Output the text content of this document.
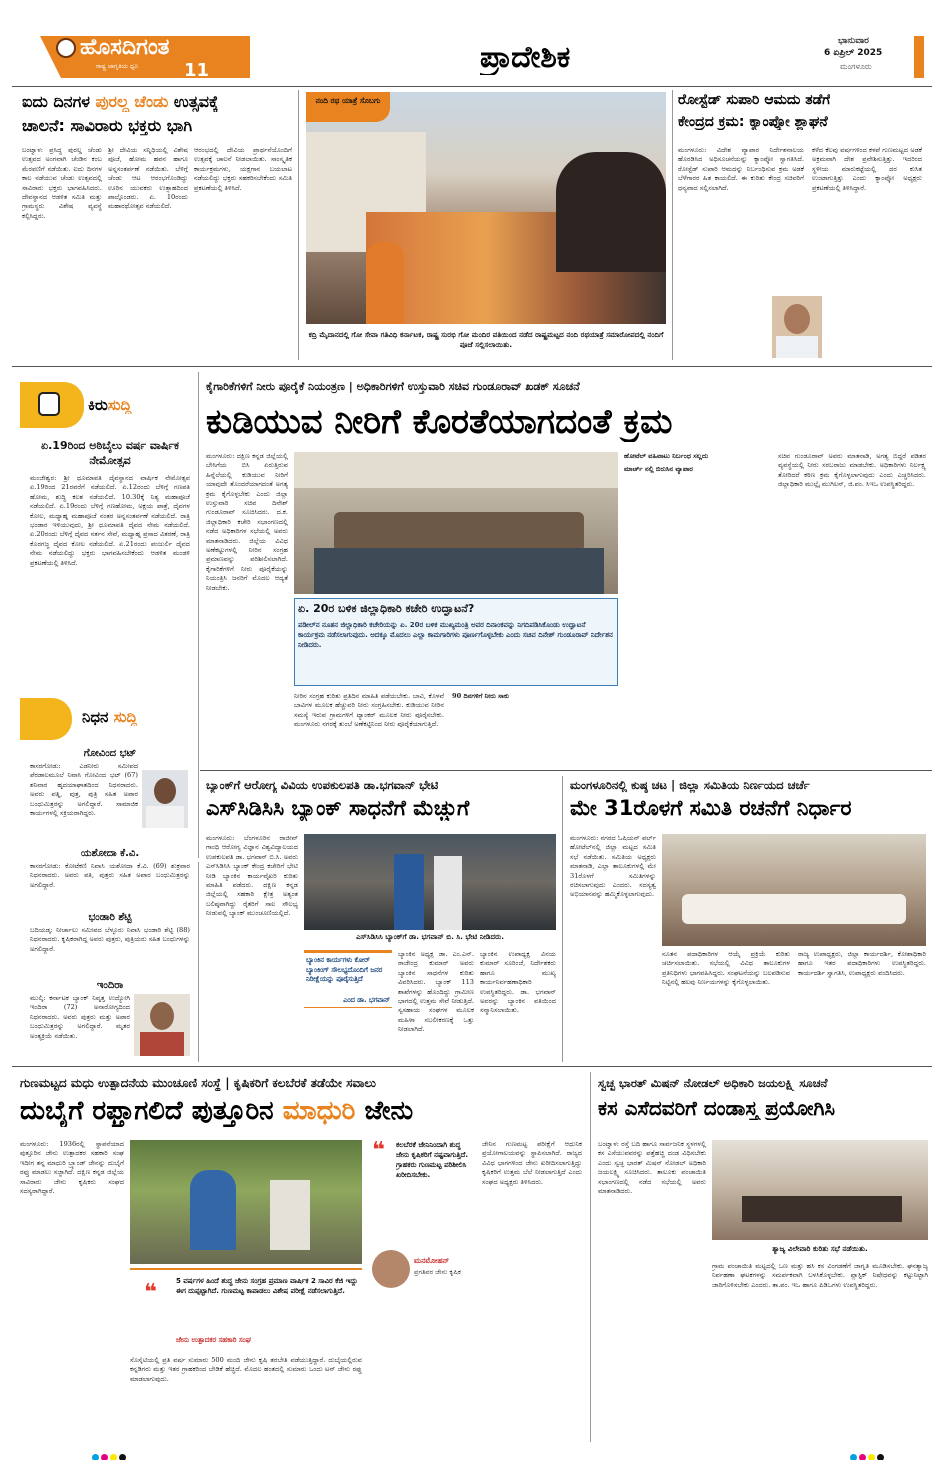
ಹೊಸದಿಗಂತ
ರಾಷ್ಟ್ರ ಜಾಗೃತಿಯ ಧ್ವನಿ	11	ಪ್ರಾದೇಶಿಕ	ಭಾನುವಾರ
6 ಏಪ್ರಿಲ್ 2025
ಮಂಗಳೂರು
ಐದು ದಿನಗಳ ಪುರಲ್ದ ಚೆಂಡು ಉತ್ಸವಕ್ಕೆ
ಚಾಲನೆ: ಸಾವಿರಾರು ಭಕ್ತರು ಭಾಗಿ
ಬಂಟ್ವಾಳ: ಪ್ರಸಿದ್ಧ ಪುರಲ್ದ ಚೆಂಡು ಉತ್ಸವದ ಅಂಗವಾಗಿ ಚೆಂಡಿನ ಕಂಬ ಮೆರವಣಿಗೆ ನಡೆಯಿತು. ಐದು ದಿನಗಳ ಕಾಲ ನಡೆಯುವ ಚೆಂಡು ಉತ್ಸವದಲ್ಲಿ ಸಾವಿರಾರು ಭಕ್ತರು ಭಾಗವಹಿಸಿದರು. ದೇವಸ್ಥಾನದ ಆಡಳಿತ ಸಮಿತಿ ಮತ್ತು ಗ್ರಾಮಸ್ಥರು ವಿಶೇಷ ವ್ಯವಸ್ಥೆ ಕಲ್ಪಿಸಿದ್ದರು.
ಶ್ರೀ ದೇವಿಯ ಸನ್ನಿಧಿಯಲ್ಲಿ ವಿಶೇಷ ಪೂಜೆ, ಹೋಮ ಹವನ ಹಾಗೂ ಅನ್ನಸಂತರ್ಪಣೆ ನಡೆಯಿತು. ಬೆಳಿಗ್ಗೆ ಚೆಂಡು ಆಟ ಆರಂಭಗೊಂಡಿದ್ದು ಊರಿನ ಯುವಕರು ಉತ್ಸಾಹದಿಂದ ಪಾಲ್ಗೊಂಡರು. ಏ. 10ರಂದು ಮಹಾರಥೋತ್ಸವ ನಡೆಯಲಿದೆ.
ಆರಂಭದಲ್ಲಿ ದೇವಿಯ ಪ್ರಾರ್ಥನೆಯೊಂದಿಗೆ ಉತ್ಸವಕ್ಕೆ ಚಾಲನೆ ನೀಡಲಾಯಿತು. ಸಾಂಸ್ಕೃತಿಕ ಕಾರ್ಯಕ್ರಮಗಳು, ಯಕ್ಷಗಾನ ಬಯಲಾಟ ನಡೆಯಲಿದ್ದು ಭಕ್ತರು ಸಹಕರಿಸಬೇಕೆಂದು ಸಮಿತಿ ಪ್ರಕಟಣೆಯಲ್ಲಿ ತಿಳಿಸಿದೆ.
ನಂದಿ ರಥ ಯಾತ್ರೆ ಸೊಬಗು
ಕದ್ರಿ ಮೈದಾನದಲ್ಲಿ ಗೋ ಸೇವಾ ಗತಿವಿಧಿ ಕರ್ನಾಟಕ, ರಾಷ್ಟ್ರ ಸುರಭಿ ಗೋ ಮಂದಿರ ವತಿಯಿಂದ ನಡೆದ ರಾಷ್ಟ್ರಮಟ್ಟದ ನಂದಿ ರಥಯಾತ್ರೆ ಸಮಾರೋಪದಲ್ಲಿ ನಂದಿಗೆ ಪೂಜೆ ಸಲ್ಲಿಸಲಾಯಿತು.
ರೋಸ್ಟೆಡ್ ಸುಪಾರಿ ಆಮದು ತಡೆಗೆ
ಕೇಂದ್ರದ ಕ್ರಮ: ಕ್ಯಾಂಪ್ಕೋ ಶ್ಲಾಘನೆ
ಮಂಗಳೂರು: ವಿದೇಶ ವ್ಯಾಪಾರ ನಿರ್ದೇಶನಾಲಯ ಹೊರಡಿಸಿದ ಅಧಿಸೂಚನೆಯನ್ನು ಕ್ಯಾಂಪ್ಕೋ ಸ್ವಾಗತಿಸಿದೆ. ರೋಸ್ಟೆಡ್ ಸುಪಾರಿ ಆಮದನ್ನು ನಿರ್ಬಂಧಿಸುವ ಕ್ರಮ ಅಡಕೆ ಬೆಳೆಗಾರರ ಹಿತ ಕಾಯಲಿದೆ. ಈ ಕುರಿತು ಕೇಂದ್ರ ಸಚಿವರಿಗೆ ಧನ್ಯವಾದ ಸಲ್ಲಿಸಲಾಗಿದೆ.
ಕಳೆದ ಕೆಲವು ವರ್ಷಗಳಿಂದ ಕಳಪೆ ಗುಣಮಟ್ಟದ ಅಡಕೆ ಅಕ್ರಮವಾಗಿ ದೇಶ ಪ್ರವೇಶಿಸುತ್ತಿತ್ತು. ಇದರಿಂದ ಸ್ಥಳೀಯ ಮಾರುಕಟ್ಟೆಯಲ್ಲಿ ದರ ಕುಸಿತ ಉಂಟಾಗುತ್ತಿತ್ತು ಎಂದು ಕ್ಯಾಂಪ್ಕೋ ಅಧ್ಯಕ್ಷರು ಪ್ರಕಟಣೆಯಲ್ಲಿ ತಿಳಿಸಿದ್ದಾರೆ.
ಕಿರುಸುದ್ದಿ
ಏ.19ರಿಂದ ಅಠಿಬೈಲು ವರ್ಷ ವಾರ್ಷಿಕ ನೇಮೋತ್ಸವ
ಮಂಜೇಶ್ವರ: ಶ್ರೀ ಧೂಮಾವತಿ ದೈವಸ್ಥಾನದ ವಾರ್ಷಿಕ ನೇಮೋತ್ಸವ ಏ.19ರಿಂದ 21ರವರೆಗೆ ನಡೆಯಲಿದೆ. ಏ.12ರಂದು ಬೆಳಿಗ್ಗೆ ಗಣಪತಿ ಹೋಮ, ಶುದ್ಧಿ ಕಲಶ ನಡೆಯಲಿದೆ. 10.30ಕ್ಕೆ ನಿತ್ಯ ಮಹಾಪೂಜೆ ನಡೆಯಲಿದೆ. ಏ.19ರಂದು ಬೆಳಿಗ್ಗೆ ಗಣಹೋಮ, ಅಕ್ಷಯ ಪಾತ್ರೆ, ದೈವಗಳ ಕೋಲ, ಮಧ್ಯಾಹ್ನ ಮಹಾಪೂಜೆ ನಂತರ ಅನ್ನಸಂತರ್ಪಣೆ ನಡೆಯಲಿದೆ. ರಾತ್ರಿ ಭಂಡಾರ ಇಳಿಯುವುದು, ಶ್ರೀ ಧೂಮಾವತಿ ದೈವದ ನೇಮ ನಡೆಯಲಿದೆ. ಏ.20ರಂದು ಬೆಳಿಗ್ಗೆ ದೈವದ ನರ್ತನ ಸೇವೆ, ಮಧ್ಯಾಹ್ನ ಪ್ರಸಾದ ವಿತರಣೆ, ರಾತ್ರಿ ಕೊರಗಜ್ಜ ದೈವದ ಕೋಲ ನಡೆಯಲಿದೆ. ಏ.21ರಂದು ಪಂಜುರ್ಲಿ ದೈವದ ನೇಮ ನಡೆಯಲಿದ್ದು ಭಕ್ತರು ಭಾಗವಹಿಸಬೇಕೆಂದು ಆಡಳಿತ ಮಂಡಳಿ ಪ್ರಕಟಣೆಯಲ್ಲಿ ತಿಳಿಸಿದೆ.
ನಿಧನ ಸುದ್ದಿ
ಗೋವಿಂದ ಭಟ್
ಕಾಸರಗೋಡು: ಎಡನೀರು ಸಮೀಪದ ಪೆರಡಾಲಮೂಲೆ ನಿವಾಸಿ ಗೋವಿಂದ ಭಟ್ (67) ಶನಿವಾರ ಹೃದಯಾಘಾತದಿಂದ ನಿಧನರಾದರು. ಅವರು ಪತ್ನಿ, ಪುತ್ರ, ಪುತ್ರಿ ಸಹಿತ ಅಪಾರ ಬಂಧುಮಿತ್ರರನ್ನು ಅಗಲಿದ್ದಾರೆ. ಸಾಮಾಜಿಕ ಕಾರ್ಯಗಳಲ್ಲಿ ಸಕ್ರಿಯರಾಗಿದ್ದರು.
ಯಶೋದಾ ಕೆ.ವಿ.
ಕಾಸರಗೋಡು: ಕೋಟೆಕಣಿ ನಿವಾಸಿ ಯಶೋದಾ ಕೆ.ವಿ. (69) ಶುಕ್ರವಾರ ನಿಧನರಾದರು. ಅವರು ಪತಿ, ಪುತ್ರರು ಸಹಿತ ಅಪಾರ ಬಂಧುಮಿತ್ರರನ್ನು ಅಗಲಿದ್ದಾರೆ.
ಭಂಡಾರಿ ಶೆಟ್ಟಿ
ಬದಿಯಡ್ಕ: ನೀರ್ಚಾಲು ಸಮೀಪದ ಬೆಳ್ಳೂರು ನಿವಾಸಿ ಭಂಡಾರಿ ಶೆಟ್ಟಿ (88) ನಿಧನರಾದರು. ಕೃಷಿಕರಾಗಿದ್ದ ಅವರು ಪುತ್ರರು, ಪುತ್ರಿಯರು ಸಹಿತ ಬಂಧುಗಳನ್ನು ಅಗಲಿದ್ದಾರೆ.
ಇಂದಿರಾ
ಮುಲ್ಕಿ: ಕರ್ನಾಟಕ ಬ್ಯಾಂಕ್ ನಿವೃತ್ತ ಉದ್ಯೋಗಿ ಇಂದಿರಾ (72) ಅನಾರೋಗ್ಯದಿಂದ ನಿಧನರಾದರು. ಅವರು ಪುತ್ರರು ಮತ್ತು ಅಪಾರ ಬಂಧುಮಿತ್ರರನ್ನು ಅಗಲಿದ್ದಾರೆ. ಮೃತರ ಅಂತ್ಯಕ್ರಿಯೆ ನಡೆಯಿತು.
ಕೈಗಾರಿಕೆಗಳಿಗೆ ನೀರು ಪೂರೈಕೆ ನಿಯಂತ್ರಣ | ಅಧಿಕಾರಿಗಳಿಗೆ ಉಸ್ತುವಾರಿ ಸಚಿವ ಗುಂಡೂರಾವ್ ಖಡಕ್ ಸೂಚನೆ
ಕುಡಿಯುವ ನೀರಿಗೆ ಕೊರತೆಯಾಗದಂತೆ ಕ್ರಮ
ಮಂಗಳೂರು: ದಕ್ಷಿಣ ಕನ್ನಡ ಜಿಲ್ಲೆಯಲ್ಲಿ ಬೇಸಿಗೆಯ ಬಿಸಿ ಏರುತ್ತಿರುವ ಹಿನ್ನೆಲೆಯಲ್ಲಿ ಕುಡಿಯುವ ನೀರಿಗೆ ಯಾವುದೇ ತೊಂದರೆಯಾಗದಂತೆ ಅಗತ್ಯ ಕ್ರಮ ಕೈಗೊಳ್ಳಬೇಕು ಎಂದು ಜಿಲ್ಲಾ ಉಸ್ತುವಾರಿ ಸಚಿವ ದಿನೇಶ್ ಗುಂಡೂರಾವ್ ಸೂಚಿಸಿದರು. ದ.ಕ. ಜಿಲ್ಲಾಧಿಕಾರಿ ಕಚೇರಿ ಸಭಾಂಗಣದಲ್ಲಿ ನಡೆದ ಅಧಿಕಾರಿಗಳ ಸಭೆಯಲ್ಲಿ ಅವರು ಮಾತನಾಡಿದರು. ಜಿಲ್ಲೆಯ ವಿವಿಧ ಅಣೆಕಟ್ಟುಗಳಲ್ಲಿ ನೀರಿನ ಸಂಗ್ರಹ ಪ್ರಮಾಣವನ್ನು ಪರಿಶೀಲಿಸಲಾಗಿದೆ. ಕೈಗಾರಿಕೆಗಳಿಗೆ ನೀರು ಪೂರೈಕೆಯನ್ನು ನಿಯಂತ್ರಿಸಿ ಜನರಿಗೆ ಮೊದಲ ಆದ್ಯತೆ ನೀಡಬೇಕು.
ಏ. 20ರ ಬಳಿಕ ಜಿಲ್ಲಾಧಿಕಾರಿ ಕಚೇರಿ ಉದ್ಘಾಟನೆ?
ಪಡೀಲ್‌ನ ನೂತನ ಜಿಲ್ಲಾಧಿಕಾರಿ ಕಚೇರಿಯನ್ನು ಏ. 20ರ ಬಳಿಕ ಮುಖ್ಯಮಂತ್ರಿ ಅವರ ದಿನಾಂಕವನ್ನು ನಿಗದಿಪಡಿಸಿಕೊಂಡು ಉದ್ಘಾಟನೆ ಕಾರ್ಯಕ್ರಮ ನಡೆಸಲಾಗುವುದು. ಅದಕ್ಕೂ ಮೊದಲು ಎಲ್ಲಾ ಕಾಮಗಾರಿಗಳು ಪೂರ್ಣಗೊಳ್ಳಬೇಕು ಎಂದು ಸಚಿವ ದಿನೇಶ್ ಗುಂಡೂರಾವ್ ನಿರ್ದೇಶನ ನೀಡಿದರು.
ನೀರಿನ ಸಂಗ್ರಹ ಕುರಿತು ಪ್ರತಿದಿನ ಮಾಹಿತಿ ಪಡೆಯಬೇಕು. ಬಾವಿ, ಕೊಳವೆ ಬಾವಿಗಳ ಮೂಲಕ ಹೆಚ್ಚುವರಿ ನೀರು ಸಂಗ್ರಹಿಸಬೇಕು. ಕುಡಿಯುವ ನೀರಿನ ಸಮಸ್ಯೆ ಇರುವ ಗ್ರಾಮಗಳಿಗೆ ಟ್ಯಾಂಕರ್ ಮೂಲಕ ನೀರು ಪೂರೈಸಬೇಕು. ಮಂಗಳೂರು ನಗರಕ್ಕೆ ತುಂಬೆ ಅಣೆಕಟ್ಟಿನಿಂದ ನೀರು ಪೂರೈಕೆಯಾಗುತ್ತಿದೆ.
90 ದಿನಗಳಿಗೆ ನೀರು ಸಾಕು
ಹೋಟೆಲ್ ವಹಿವಾಟು ನಿರ್ಬಂಧ ಸಲ್ಲದು
ಮಾರ್ಚ್ ನಲ್ಲಿ ಬಿರುಸಿನ ವ್ಯಾಪಾರ
ಸಚಿವ ಗುಂಡೂರಾವ್ ಅವರು ಮಾತನಾಡಿ, ಅಗತ್ಯ ಬಿದ್ದರೆ ಪಡಿತರ ವ್ಯವಸ್ಥೆಯಲ್ಲಿ ನೀರು ಸರಬರಾಜು ಮಾಡಬೇಕು. ಅಧಿಕಾರಿಗಳು ನಿರ್ಲಕ್ಷ್ಯ ತೋರಿದರೆ ಕಠಿಣ ಕ್ರಮ ಕೈಗೊಳ್ಳಲಾಗುವುದು ಎಂದು ಎಚ್ಚರಿಸಿದರು. ಜಿಲ್ಲಾಧಿಕಾರಿ ಮುಲ್ಲೈ ಮುಗಿಲನ್, ಜಿ.ಪಂ. ಸಿಇಒ ಉಪಸ್ಥಿತರಿದ್ದರು.
ಬ್ಯಾಂಕ್‌ಗೆ ಆರೋಗ್ಯ ವಿವಿಯ ಉಪಕುಲಪತಿ ಡಾ.ಭಗವಾನ್ ಭೇಟಿ
ಎಸ್‌ಸಿಡಿಸಿಸಿ ಬ್ಯಾಂಕ್ ಸಾಧನೆಗೆ ಮೆಚ್ಚುಗೆ
ಮಂಗಳೂರು: ಬೆಂಗಳೂರಿನ ರಾಜೀವ್ ಗಾಂಧಿ ಆರೋಗ್ಯ ವಿಜ್ಞಾನ ವಿಶ್ವವಿದ್ಯಾಲಯದ ಉಪಕುಲಪತಿ ಡಾ. ಭಗವಾನ್ ಬಿ.ಸಿ. ಅವರು ಎಸ್‌ಸಿಡಿಸಿಸಿ ಬ್ಯಾಂಕ್ ಕೇಂದ್ರ ಕಚೇರಿಗೆ ಭೇಟಿ ನೀಡಿ ಬ್ಯಾಂಕಿನ ಕಾರ್ಯವೈಖರಿ ಕುರಿತು ಮಾಹಿತಿ ಪಡೆದರು. ದಕ್ಷಿಣ ಕನ್ನಡ ಜಿಲ್ಲೆಯಲ್ಲಿ ಸಹಕಾರಿ ಕ್ಷೇತ್ರ ಅತ್ಯಂತ ಬಲಿಷ್ಠವಾಗಿದ್ದು ರೈತರಿಗೆ ಸಾಲ ಸೌಲಭ್ಯ ನೀಡುವಲ್ಲಿ ಬ್ಯಾಂಕ್ ಮುಂಚೂಣಿಯಲ್ಲಿದೆ.
ಎಸ್‌ಸಿಡಿಸಿಸಿ ಬ್ಯಾಂಕ್‌ಗೆ ಡಾ. ಭಗವಾನ್ ಬಿ. ಸಿ. ಭೇಟಿ ನೀಡಿದರು.
ಬ್ಯಾಂಕಿನ ಕಾರ್ಯಗಳು ಕೋರ್ ಬ್ಯಾಂಕಿಂಗ್ ಸೌಲಭ್ಯದೊಂದಿಗೆ ಜನರ ನಿರೀಕ್ಷೆಯನ್ನು ಪೂರೈಸುತ್ತಿದೆ
ಎಂದ ಡಾ. ಭಗವಾನ್
ಬ್ಯಾಂಕಿನ ಅಧ್ಯಕ್ಷ ಡಾ. ಎಂ.ಎನ್. ರಾಜೇಂದ್ರ ಕುಮಾರ್ ಅವರು ಬ್ಯಾಂಕಿನ ಸಾಧನೆಗಳ ಕುರಿತು ವಿವರಿಸಿದರು. ಬ್ಯಾಂಕ್ 113 ಶಾಖೆಗಳನ್ನು ಹೊಂದಿದ್ದು ಗ್ರಾಮೀಣ ಭಾಗದಲ್ಲಿ ಉತ್ತಮ ಸೇವೆ ನೀಡುತ್ತಿದೆ. ಸ್ವಸಹಾಯ ಸಂಘಗಳ ಮೂಲಕ ಮಹಿಳಾ ಸಬಲೀಕರಣಕ್ಕೆ ಒತ್ತು ನೀಡಲಾಗಿದೆ.
ಬ್ಯಾಂಕಿನ ಉಪಾಧ್ಯಕ್ಷ ವಿನಯ ಕುಮಾರ್ ಸೂರಿಂಜೆ, ನಿರ್ದೇಶಕರು ಹಾಗೂ ಮುಖ್ಯ ಕಾರ್ಯನಿರ್ವಹಣಾಧಿಕಾರಿ ಉಪಸ್ಥಿತರಿದ್ದರು. ಡಾ. ಭಗವಾನ್ ಅವರನ್ನು ಬ್ಯಾಂಕಿನ ವತಿಯಿಂದ ಸನ್ಮಾನಿಸಲಾಯಿತು.
ಮಂಗಳೂರಿನಲ್ಲಿ ಕುಷ್ಠ ಚಟ | ಜಿಲ್ಲಾ ಸಮಿತಿಯ ನಿರ್ಣಯದ ಚರ್ಚೆ
ಮೇ 31ರೊಳಗೆ ಸಮಿತಿ ರಚನೆಗೆ ನಿರ್ಧಾರ
ಮಂಗಳೂರು: ನಗರದ ಓಷಿಯನ್ ಪರ್ಲ್ ಹೋಟೆಲ್‌ನಲ್ಲಿ ಜಿಲ್ಲಾ ಮಟ್ಟದ ಸಮಿತಿ ಸಭೆ ನಡೆಯಿತು. ಸಮಿತಿಯ ಅಧ್ಯಕ್ಷರು ಮಾತನಾಡಿ, ಎಲ್ಲಾ ತಾಲೂಕುಗಳಲ್ಲಿ ಮೇ 31ರೊಳಗೆ ಸಮಿತಿಗಳನ್ನು ರಚಿಸಲಾಗುವುದು ಎಂದರು. ಸದಸ್ಯತ್ವ ಅಭಿಯಾನವನ್ನು ಹಮ್ಮಿಕೊಳ್ಳಲಾಗುವುದು.
ನೂತನ ಪದಾಧಿಕಾರಿಗಳ ಆಯ್ಕೆ ಪ್ರಕ್ರಿಯೆ ಕುರಿತು ಚರ್ಚಿಸಲಾಯಿತು. ಸಭೆಯಲ್ಲಿ ವಿವಿಧ ತಾಲೂಕುಗಳ ಪ್ರತಿನಿಧಿಗಳು ಭಾಗವಹಿಸಿದ್ದರು. ಸಂಘಟನೆಯನ್ನು ಬಲಪಡಿಸುವ ನಿಟ್ಟಿನಲ್ಲಿ ಹಲವು ನಿರ್ಣಯಗಳನ್ನು ಕೈಗೊಳ್ಳಲಾಯಿತು.
ರಾಜ್ಯ ಉಪಾಧ್ಯಕ್ಷರು, ಜಿಲ್ಲಾ ಕಾರ್ಯದರ್ಶಿ, ಕೋಶಾಧಿಕಾರಿ ಹಾಗೂ ಇತರ ಪದಾಧಿಕಾರಿಗಳು ಉಪಸ್ಥಿತರಿದ್ದರು. ಕಾರ್ಯದರ್ಶಿ ಸ್ವಾಗತಿಸಿ, ಉಪಾಧ್ಯಕ್ಷರು ವಂದಿಸಿದರು.
ಗುಣಮಟ್ಟದ ಮಧು ಉತ್ಪಾದನೆಯ ಮುಂಚೂಣಿ ಸಂಸ್ಥೆ | ಕೃಷಿಕರಿಗೆ ಕಲಬೆರಕೆ ತಡೆಯೇ ಸವಾಲು
ದುಬೈಗೆ ರಫ್ತಾಗಲಿದೆ ಪುತ್ತೂರಿನ ಮಾಧುರಿ ಜೇನು
ಮಂಗಳೂರು: 1936ರಲ್ಲಿ ಸ್ಥಾಪನೆಯಾದ ಪುತ್ತೂರಿನ ಜೇನು ಉತ್ಪಾದಕರ ಸಹಕಾರಿ ಸಂಘ ಇದೀಗ ತನ್ನ ಮಾಧುರಿ ಬ್ರ್ಯಾಂಡ್ ಜೇನನ್ನು ದುಬೈಗೆ ರಫ್ತು ಮಾಡಲು ಸಜ್ಜಾಗಿದೆ. ದಕ್ಷಿಣ ಕನ್ನಡ ಜಿಲ್ಲೆಯ ಸಾವಿರಾರು ಜೇನು ಕೃಷಿಕರು ಸಂಘದ ಸದಸ್ಯರಾಗಿದ್ದಾರೆ.
❝	5 ವರ್ಷಗಳ ಹಿಂದೆ ಶುದ್ಧ ಜೇನು ಸಂಗ್ರಹ ಪ್ರಮಾಣ ವಾರ್ಷಿಕ 2 ಸಾವಿರ ಕೆಜಿ ಇದ್ದು ಈಗ ದುಪ್ಪಟ್ಟಾಗಿದೆ. ಗುಣಮಟ್ಟ ಕಾಪಾಡಲು ವಿಶೇಷ ಪರೀಕ್ಷೆ ನಡೆಸಲಾಗುತ್ತಿದೆ.
ಜೇನು ಉತ್ಪಾದಕರ ಸಹಕಾರಿ ಸಂಘ
ಸೊಸೈಟಿಯಲ್ಲಿ ಪ್ರತಿ ವರ್ಷ ಸುಮಾರು 500 ಮಂದಿ ಜೇನು ಕೃಷಿ ತರಬೇತಿ ಪಡೆಯುತ್ತಿದ್ದಾರೆ. ದುಬೈಯಲ್ಲಿರುವ ಕನ್ನಡಿಗರು ಮತ್ತು ಇತರ ಗ್ರಾಹಕರಿಂದ ಬೇಡಿಕೆ ಹೆಚ್ಚಿದೆ. ಮೊದಲ ಹಂತದಲ್ಲಿ ಸುಮಾರು ಒಂದು ಟನ್ ಜೇನು ರಫ್ತು ಮಾಡಲಾಗುವುದು.
❝ ಕಲಬೆರಕೆ ಜೇನಿನಿಂದಾಗಿ ಶುದ್ಧ ಜೇನು ಕೃಷಿಕರಿಗೆ ನಷ್ಟವಾಗುತ್ತಿದೆ. ಗ್ರಾಹಕರು ಗುಣಮಟ್ಟ ಪರಿಶೀಲಿಸಿ ಖರೀದಿಸಬೇಕು.
ಮನಮೋಹನ್
ಪ್ರಗತಿಪರ ಜೇನು ಕೃಷಿಕ
ಜೇನಿನ ಗುಣಮಟ್ಟ ಪರೀಕ್ಷೆಗೆ ಆಧುನಿಕ ಪ್ರಯೋಗಾಲಯವನ್ನು ಸ್ಥಾಪಿಸಲಾಗಿದೆ. ರಾಜ್ಯದ ವಿವಿಧ ಭಾಗಗಳಿಂದ ಜೇನು ಖರೀದಿಸಲಾಗುತ್ತಿದ್ದು ಕೃಷಿಕರಿಗೆ ಉತ್ತಮ ಬೆಲೆ ನೀಡಲಾಗುತ್ತಿದೆ ಎಂದು ಸಂಘದ ಅಧ್ಯಕ್ಷರು ತಿಳಿಸಿದರು.
ಸ್ವಚ್ಛ ಭಾರತ್ ಮಿಷನ್ ನೋಡಲ್ ಅಧಿಕಾರಿ ಜಯಲಕ್ಷ್ಮಿ ಸೂಚನೆ
ಕಸ ಎಸೆದವರಿಗೆ ದಂಡಾಸ್ತ್ರ ಪ್ರಯೋಗಿಸಿ
ಬಂಟ್ವಾಳ: ರಸ್ತೆ ಬದಿ ಹಾಗೂ ಸಾರ್ವಜನಿಕ ಸ್ಥಳಗಳಲ್ಲಿ ಕಸ ಎಸೆಯುವವರನ್ನು ಪತ್ತೆಹಚ್ಚಿ ದಂಡ ವಿಧಿಸಬೇಕು ಎಂದು ಸ್ವಚ್ಛ ಭಾರತ್ ಮಿಷನ್ ನೋಡಲ್ ಅಧಿಕಾರಿ ಜಯಲಕ್ಷ್ಮಿ ಸೂಚಿಸಿದರು. ತಾಲೂಕು ಪಂಚಾಯಿತಿ ಸಭಾಂಗಣದಲ್ಲಿ ನಡೆದ ಸಭೆಯಲ್ಲಿ ಅವರು ಮಾತನಾಡಿದರು.
ತ್ಯಾಜ್ಯ ವಿಲೇವಾರಿ ಕುರಿತು ಸಭೆ ನಡೆಯಿತು.
ಗ್ರಾಮ ಪಂಚಾಯಿತಿ ಮಟ್ಟದಲ್ಲಿ ಒಣ ಮತ್ತು ಹಸಿ ಕಸ ವಿಂಗಡಣೆಗೆ ಜಾಗೃತಿ ಮೂಡಿಸಬೇಕು. ಘನತ್ಯಾಜ್ಯ ನಿರ್ವಹಣಾ ಘಟಕಗಳನ್ನು ಸಮರ್ಪಕವಾಗಿ ಬಳಸಿಕೊಳ್ಳಬೇಕು. ಪ್ಲಾಸ್ಟಿಕ್ ನಿಷೇಧವನ್ನು ಕಟ್ಟುನಿಟ್ಟಾಗಿ ಜಾರಿಗೊಳಿಸಬೇಕು ಎಂದರು. ತಾ.ಪಂ. ಇಒ ಹಾಗೂ ಪಿಡಿಒಗಳು ಉಪಸ್ಥಿತರಿದ್ದರು.
